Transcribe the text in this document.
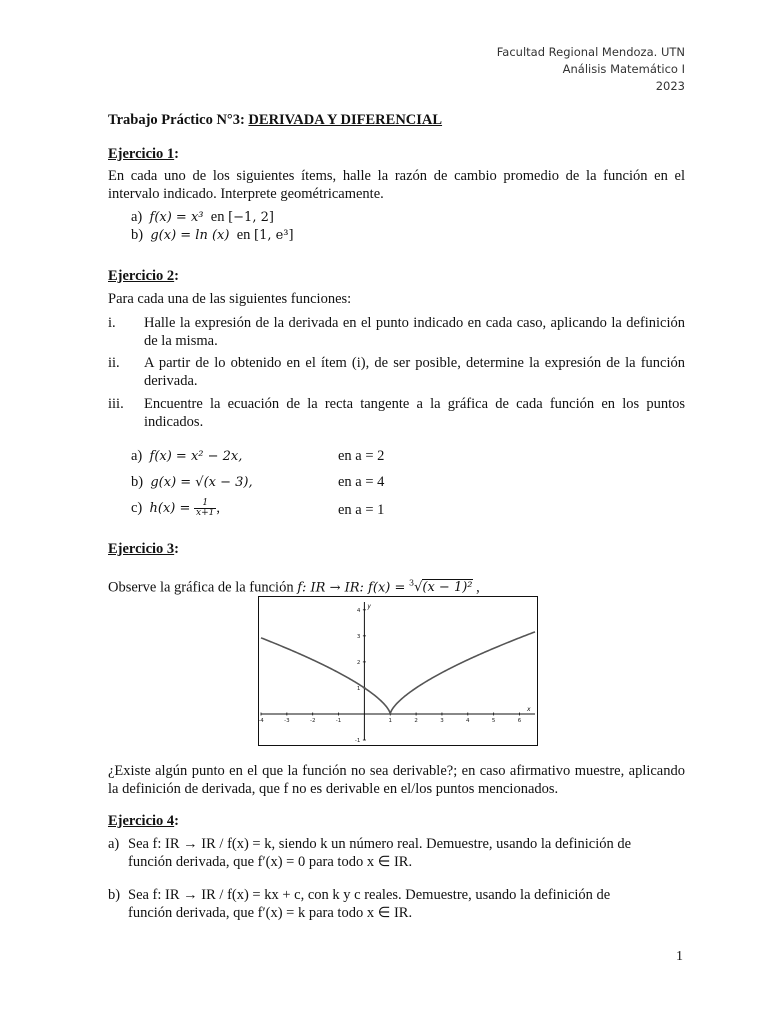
Facultad Regional Mendoza. UTN
Análisis Matemático I
2023
Trabajo Práctico N°3: DERIVADA Y DIFERENCIAL
Ejercicio 1:
En cada uno de los siguientes ítems, halle la razón de cambio promedio de la función en el intervalo indicado. Interprete geométricamente.
a) f(x) = x³ en [−1, 2]
b) g(x) = ln (x) en [1, e³]
Ejercicio 2:
Para cada una de las siguientes funciones:
i.	Halle la expresión de la derivada en el punto indicado en cada caso, aplicando la definición de la misma.
ii.	A partir de lo obtenido en el ítem (i), de ser posible, determine la expresión de la función derivada.
iii.	Encuentre la ecuación de la recta tangente a la gráfica de cada función en los puntos indicados.
a) f(x) = x² − 2x,	en a = 2
b) g(x) = √(x − 3),	en a = 4
c) $h(x) = \frac{1}{x+1}$ ,	en a = 1
Ejercicio 3:
Observe la gráfica de la función f: IR → IR: f(x) = $^3$√(x − 1)² ,
x
y
-4	-3	-2	-1	1	2	3	4	5	6
-1
1
2
3
4
¿Existe algún punto en el que la función no sea derivable?; en caso afirmativo muestre, aplicando la definición de derivada, que f no es derivable en el/los puntos mencionados.
Ejercicio 4:
a) Sea f: IR → IR / f(x) = k, siendo k un número real. Demuestre, usando la definición de
función derivada, que f′(x) = 0 para todo x ∈ IR.
b) Sea f: IR → IR / f(x) = kx + c, con k y c reales. Demuestre, usando la definición de
función derivada, que f′(x) = k para todo x ∈ IR.
1
